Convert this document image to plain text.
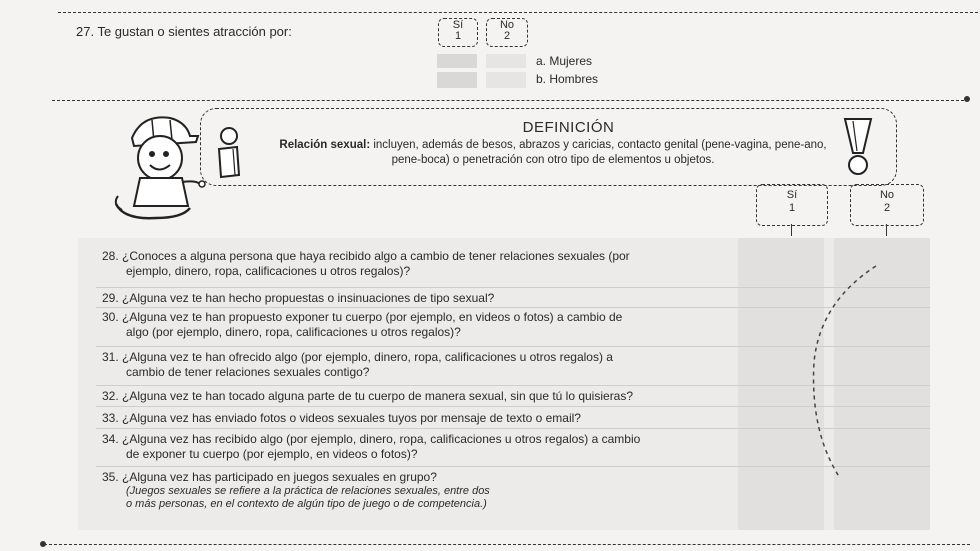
27. Te gustan o sientes atracción por:	Sí
1
No
2
a. Mujeres
b. Hombres
DEFINICIÓN
Relación sexual: incluyen, además de besos, abrazos y caricias, contacto genital (pene-vagina, pene-ano, pene-boca) o penetración con otro tipo de elementos u objetos.
Sí
1
No
2
28. ¿Conoces a alguna persona que haya recibido algo a cambio de tener relaciones sexuales (por
ejemplo, dinero, ropa, calificaciones u otros regalos)?
29. ¿Alguna vez te han hecho propuestas o insinuaciones de tipo sexual?
30. ¿Alguna vez te han propuesto exponer tu cuerpo (por ejemplo, en videos o fotos) a cambio de
algo (por ejemplo, dinero, ropa, calificaciones u otros regalos)?
31. ¿Alguna vez te han ofrecido algo (por ejemplo, dinero, ropa, calificaciones u otros regalos) a
cambio de tener relaciones sexuales contigo?
32. ¿Alguna vez te han tocado alguna parte de tu cuerpo de manera sexual, sin que tú lo quisieras?
33. ¿Alguna vez has enviado fotos o videos sexuales tuyos por mensaje de texto o email?
34. ¿Alguna vez has recibido algo (por ejemplo, dinero, ropa, calificaciones u otros regalos) a cambio
de exponer tu cuerpo (por ejemplo, en videos o fotos)?
35. ¿Alguna vez has participado en juegos sexuales en grupo?
(Juegos sexuales se refiere a la práctica de relaciones sexuales, entre dos
o más personas, en el contexto de algún tipo de juego o de competencia.)
